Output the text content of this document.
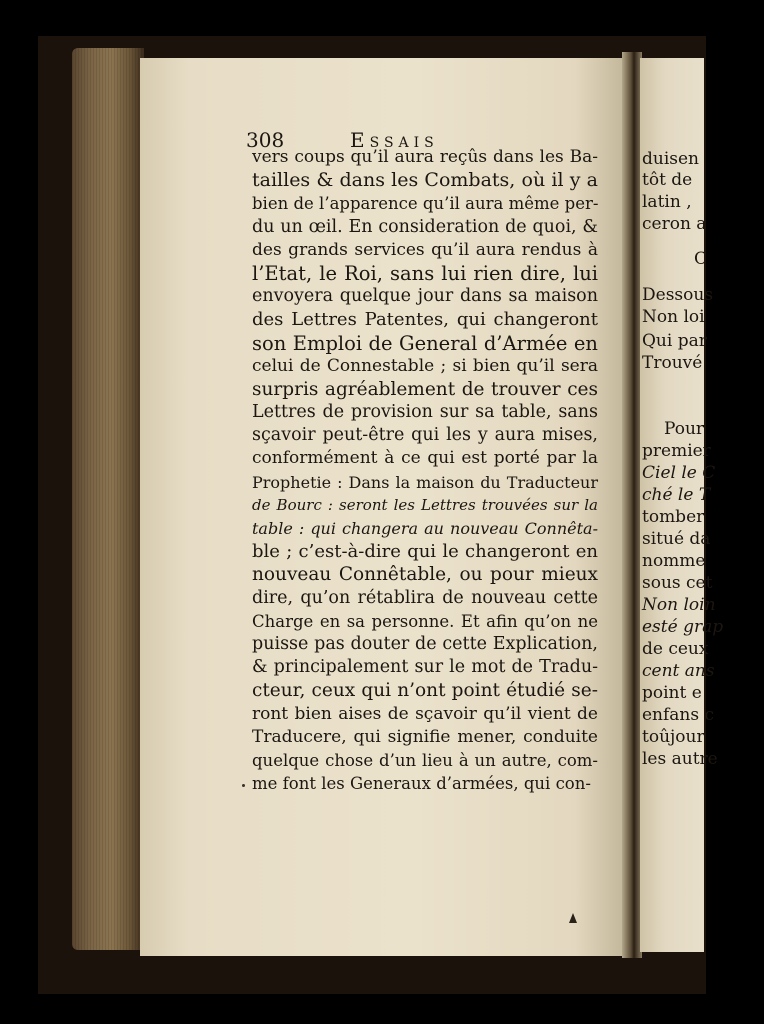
duisen
tôt de
latin ,
ceron a
C
Dessous
Non loi
Qui par
Trouvé
Pour
premier
Ciel le C
ché le T
tomber
situé da
nomme
sous cet
Non loin
esté grap
de ceux
cent ans
point e
enfans c
toûjour
les autre
308	Essais
vers coups qu’il aura reçûs dans les Ba-
tailles & dans les Combats, où il y a
bien de l’apparence qu’il aura même per-
du un œil. En consideration de quoi, &
des grands services qu’il aura rendus à
l’Etat, le Roi, sans lui rien dire, lui
envoyera quelque jour dans sa maison
des Lettres Patentes, qui changeront
son Emploi de General d’Armée en
celui de Connestable ; si bien qu’il sera
surpris agréablement de trouver ces
Lettres de provision sur sa table, sans
sçavoir peut-être qui les y aura mises,
conformément à ce qui est porté par la
Prophetie : Dans la maison du Traducteur
de Bourc : seront les Lettres trouvées sur la
table : qui changera au nouveau Connêta-
ble ; c’est-à-dire qui le changeront en
nouveau Connêtable, ou pour mieux
dire, qu’on rétablira de nouveau cette
Charge en sa personne. Et afin qu’on ne
puisse pas douter de cette Explication,
& principalement sur le mot de Tradu-
cteur, ceux qui n’ont point étudié se-
ront bien aises de sçavoir qu’il vient de
Traducere, qui signifie mener, conduite
quelque chose d’un lieu à un autre, com-
me font les Generaux d’armées, qui con-
